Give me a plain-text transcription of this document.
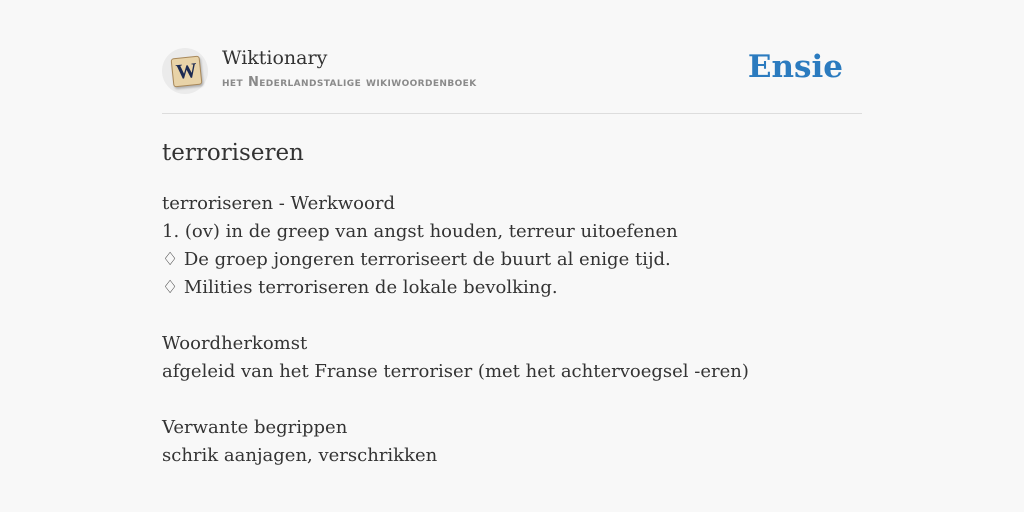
W Wiktionary
het Nederlandstalige wikiwoordenboek	Ensie
terroriseren
terroriseren - Werkwoord
1. (ov) in de greep van angst houden, terreur uitoefenen
♢ De groep jongeren terroriseert de buurt al enige tijd.
♢ Milities terroriseren de lokale bevolking.
Woordherkomst
afgeleid van het Franse terroriser (met het achtervoegsel -eren)
Verwante begrippen
schrik aanjagen, verschrikken
